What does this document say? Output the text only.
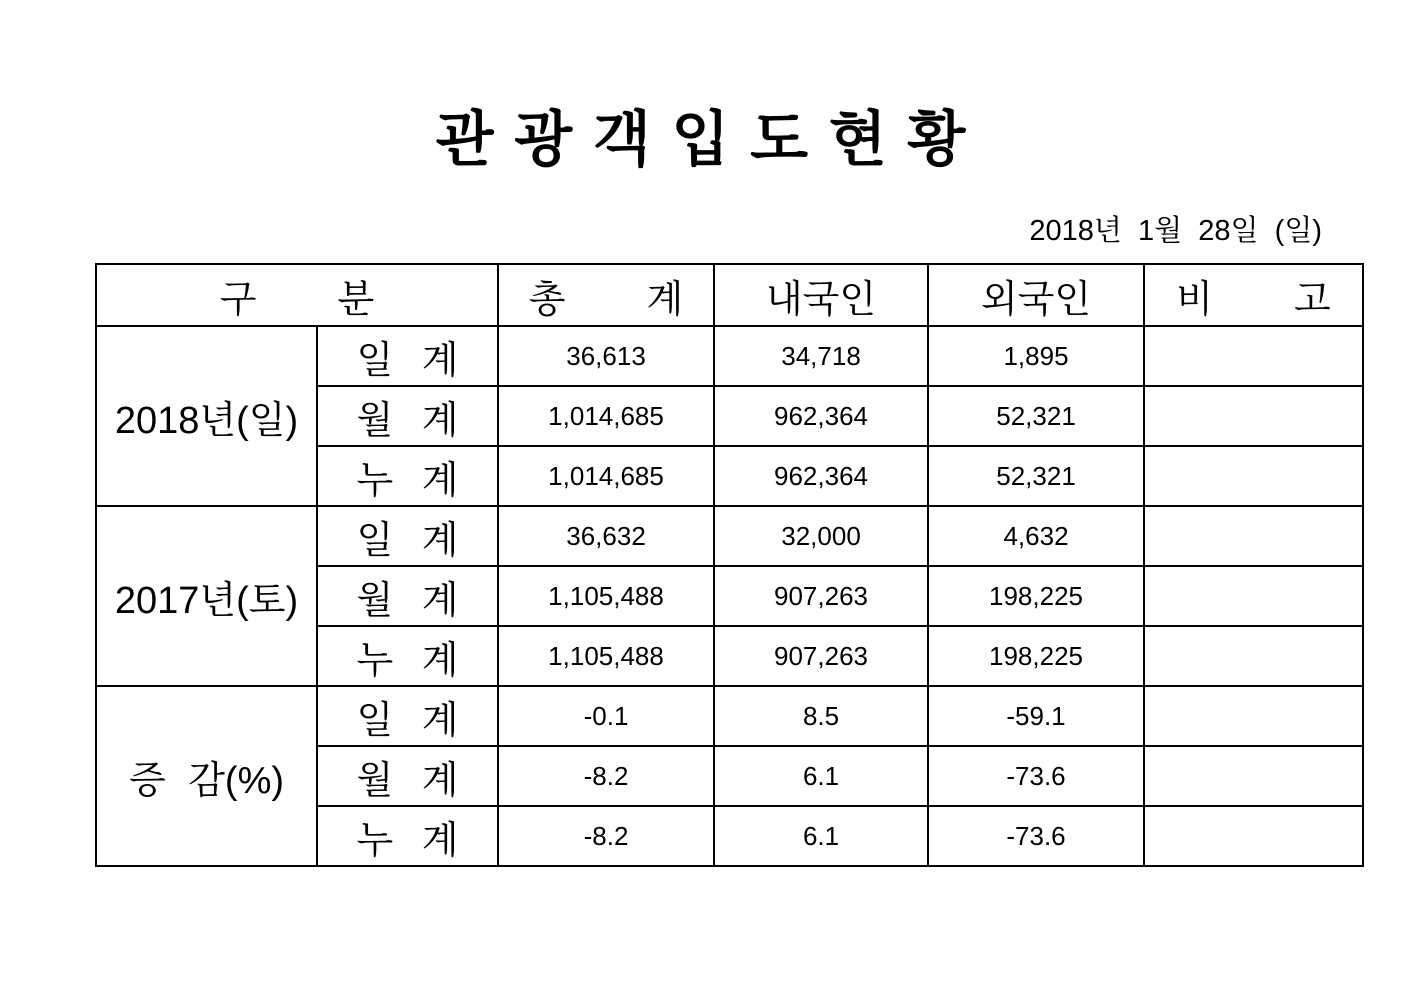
관 광 객 입 도 현 황
2018년  1월  28일  (일)
구  분		총  계	내국인	외국인	비  고
2018년(일)	일 계	36,613	34,718	1,895	
	월 계	1,014,685	962,364	52,321	
	누 계	1,014,685	962,364	52,321	
2017년(토)	일 계	36,632	32,000	4,632	
	월 계	1,105,488	907,263	198,225	
	누 계	1,105,488	907,263	198,225	
증 감(%)	일 계	-0.1	8.5	-59.1	
	월 계	-8.2	6.1	-73.6	
	누 계	-8.2	6.1	-73.6	
